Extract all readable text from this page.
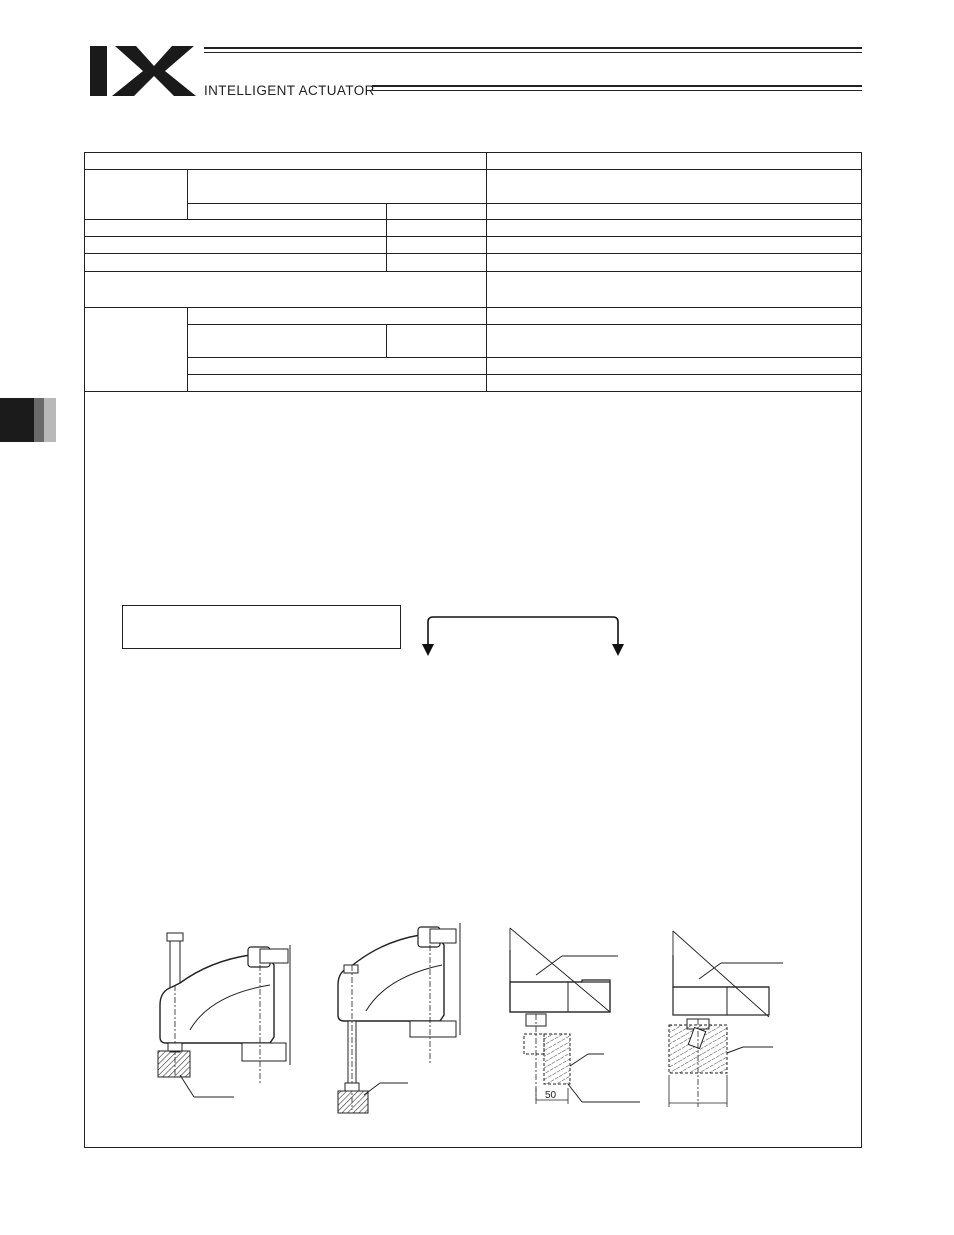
INTELLIGENT ACTUATOR
50
